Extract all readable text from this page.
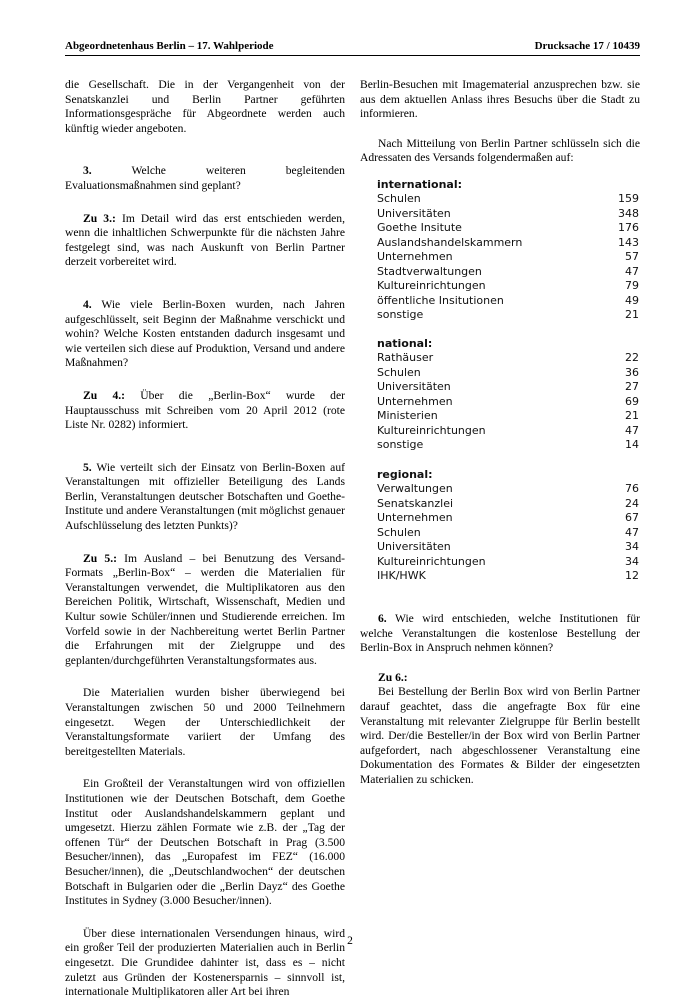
Abgeordnetenhaus Berlin – 17. Wahlperiode	Drucksache 17 / 10439

die Gesellschaft. Die in der Vergangenheit von der Senatskanzlei und Berlin Partner geführten Informationsgespräche für Abgeordnete werden auch künftig wieder angeboten.

3.	Welche weiteren begleitenden Evaluationsmaßnahmen sind geplant?

Zu 3.: Im Detail wird das erst entschieden werden, wenn die inhaltlichen Schwerpunkte für die nächsten Jahre festgelegt sind, was nach Auskunft von Berlin Partner derzeit vorbereitet wird.

4. Wie viele Berlin-Boxen wurden, nach Jahren aufgeschlüsselt, seit Beginn der Maßnahme verschickt und wohin? Welche Kosten entstanden dadurch insgesamt und wie verteilen sich diese auf Produktion, Versand und andere Maßnahmen?

Zu 4.: Über die „Berlin-Box“ wurde der Hauptausschuss mit Schreiben vom 20 April 2012 (rote Liste Nr. 0282) informiert.

5. Wie verteilt sich der Einsatz von Berlin-Boxen auf Veranstaltungen mit offizieller Beteiligung des Lands Berlin, Veranstaltungen deutscher Botschaften und Goethe-Institute und andere Veranstaltungen (mit möglichst genauer Aufschlüsselung des letzten Punkts)?

Zu 5.: Im Ausland – bei Benutzung des Versand-Formats „Berlin-Box“ – werden die Materialien für Veranstaltungen verwendet, die Multiplikatoren aus den Bereichen Politik, Wirtschaft, Wissenschaft, Medien und Kultur sowie Schüler/innen und Studierende erreichen. Im Vorfeld sowie in der Nachbereitung wertet Berlin Partner die Erfahrungen mit der Zielgruppe und des geplanten/durchgeführten Veranstaltungsformates aus.

Die Materialien wurden bisher überwiegend bei Veranstaltungen zwischen 50 und 2000 Teilnehmern eingesetzt. Wegen der Unterschiedlichkeit der Veranstaltungsformate variiert der Umfang des bereitgestellten Materials.

Ein Großteil der Veranstaltungen wird von offiziellen Institutionen wie der Deutschen Botschaft, dem Goethe Institut oder Auslandshandelskammern geplant und umgesetzt. Hierzu zählen Formate wie z.B. der „Tag der offenen Tür“ der Deutschen Botschaft in Prag (3.500 Besucher/innen), das „Europafest im FEZ“ (16.000 Besucher/innen), die „Deutschlandwochen“ der deutschen Botschaft in Bulgarien oder die „Berlin Dayz“ des Goethe Institutes in Sydney (3.000 Besucher/innen).

Über diese internationalen Versendungen hinaus, wird ein großer Teil der produzierten Materialien auch in Berlin eingesetzt. Die Grundidee dahinter ist, dass es – nicht zuletzt aus Gründen der Kostenersparnis – sinnvoll ist, internationale Multiplikatoren aller Art bei ihren

Berlin-Besuchen mit Imagematerial anzusprechen bzw. sie aus dem aktuellen Anlass ihres Besuchs über die Stadt zu informieren.

Nach Mitteilung von Berlin Partner schlüsseln sich die Adressaten des Versands folgendermaßen auf:

international:
Schulen	159
Universitäten	348
Goethe Insitute	176
Auslandshandelskammern	143
Unternehmen	57
Stadtverwaltungen	47
Kultureinrichtungen	79
öffentliche Insitutionen	49
sonstige	21
national:
Rathäuser	22
Schulen	36
Universitäten	27
Unternehmen	69
Ministerien	21
Kultureinrichtungen	47
sonstige	14
regional:
Verwaltungen	76
Senatskanzlei	24
Unternehmen	67
Schulen	47
Universitäten	34
Kultureinrichtungen	34
IHK/HWK	12

6. Wie wird entschieden, welche Institutionen für welche Veranstaltungen die kostenlose Bestellung der Berlin-Box in Anspruch nehmen können?

Zu 6.:

Bei Bestellung der Berlin Box wird von Berlin Partner darauf geachtet, dass die angefragte Box für eine Veranstaltung mit relevanter Zielgruppe für Berlin bestellt wird. Der/die Besteller/in der Box wird von Berlin Partner aufgefordert, nach abgeschlossener Veranstaltung eine Dokumentation des Formates & Bilder der eingesetzten Materialien zu schicken.

2
